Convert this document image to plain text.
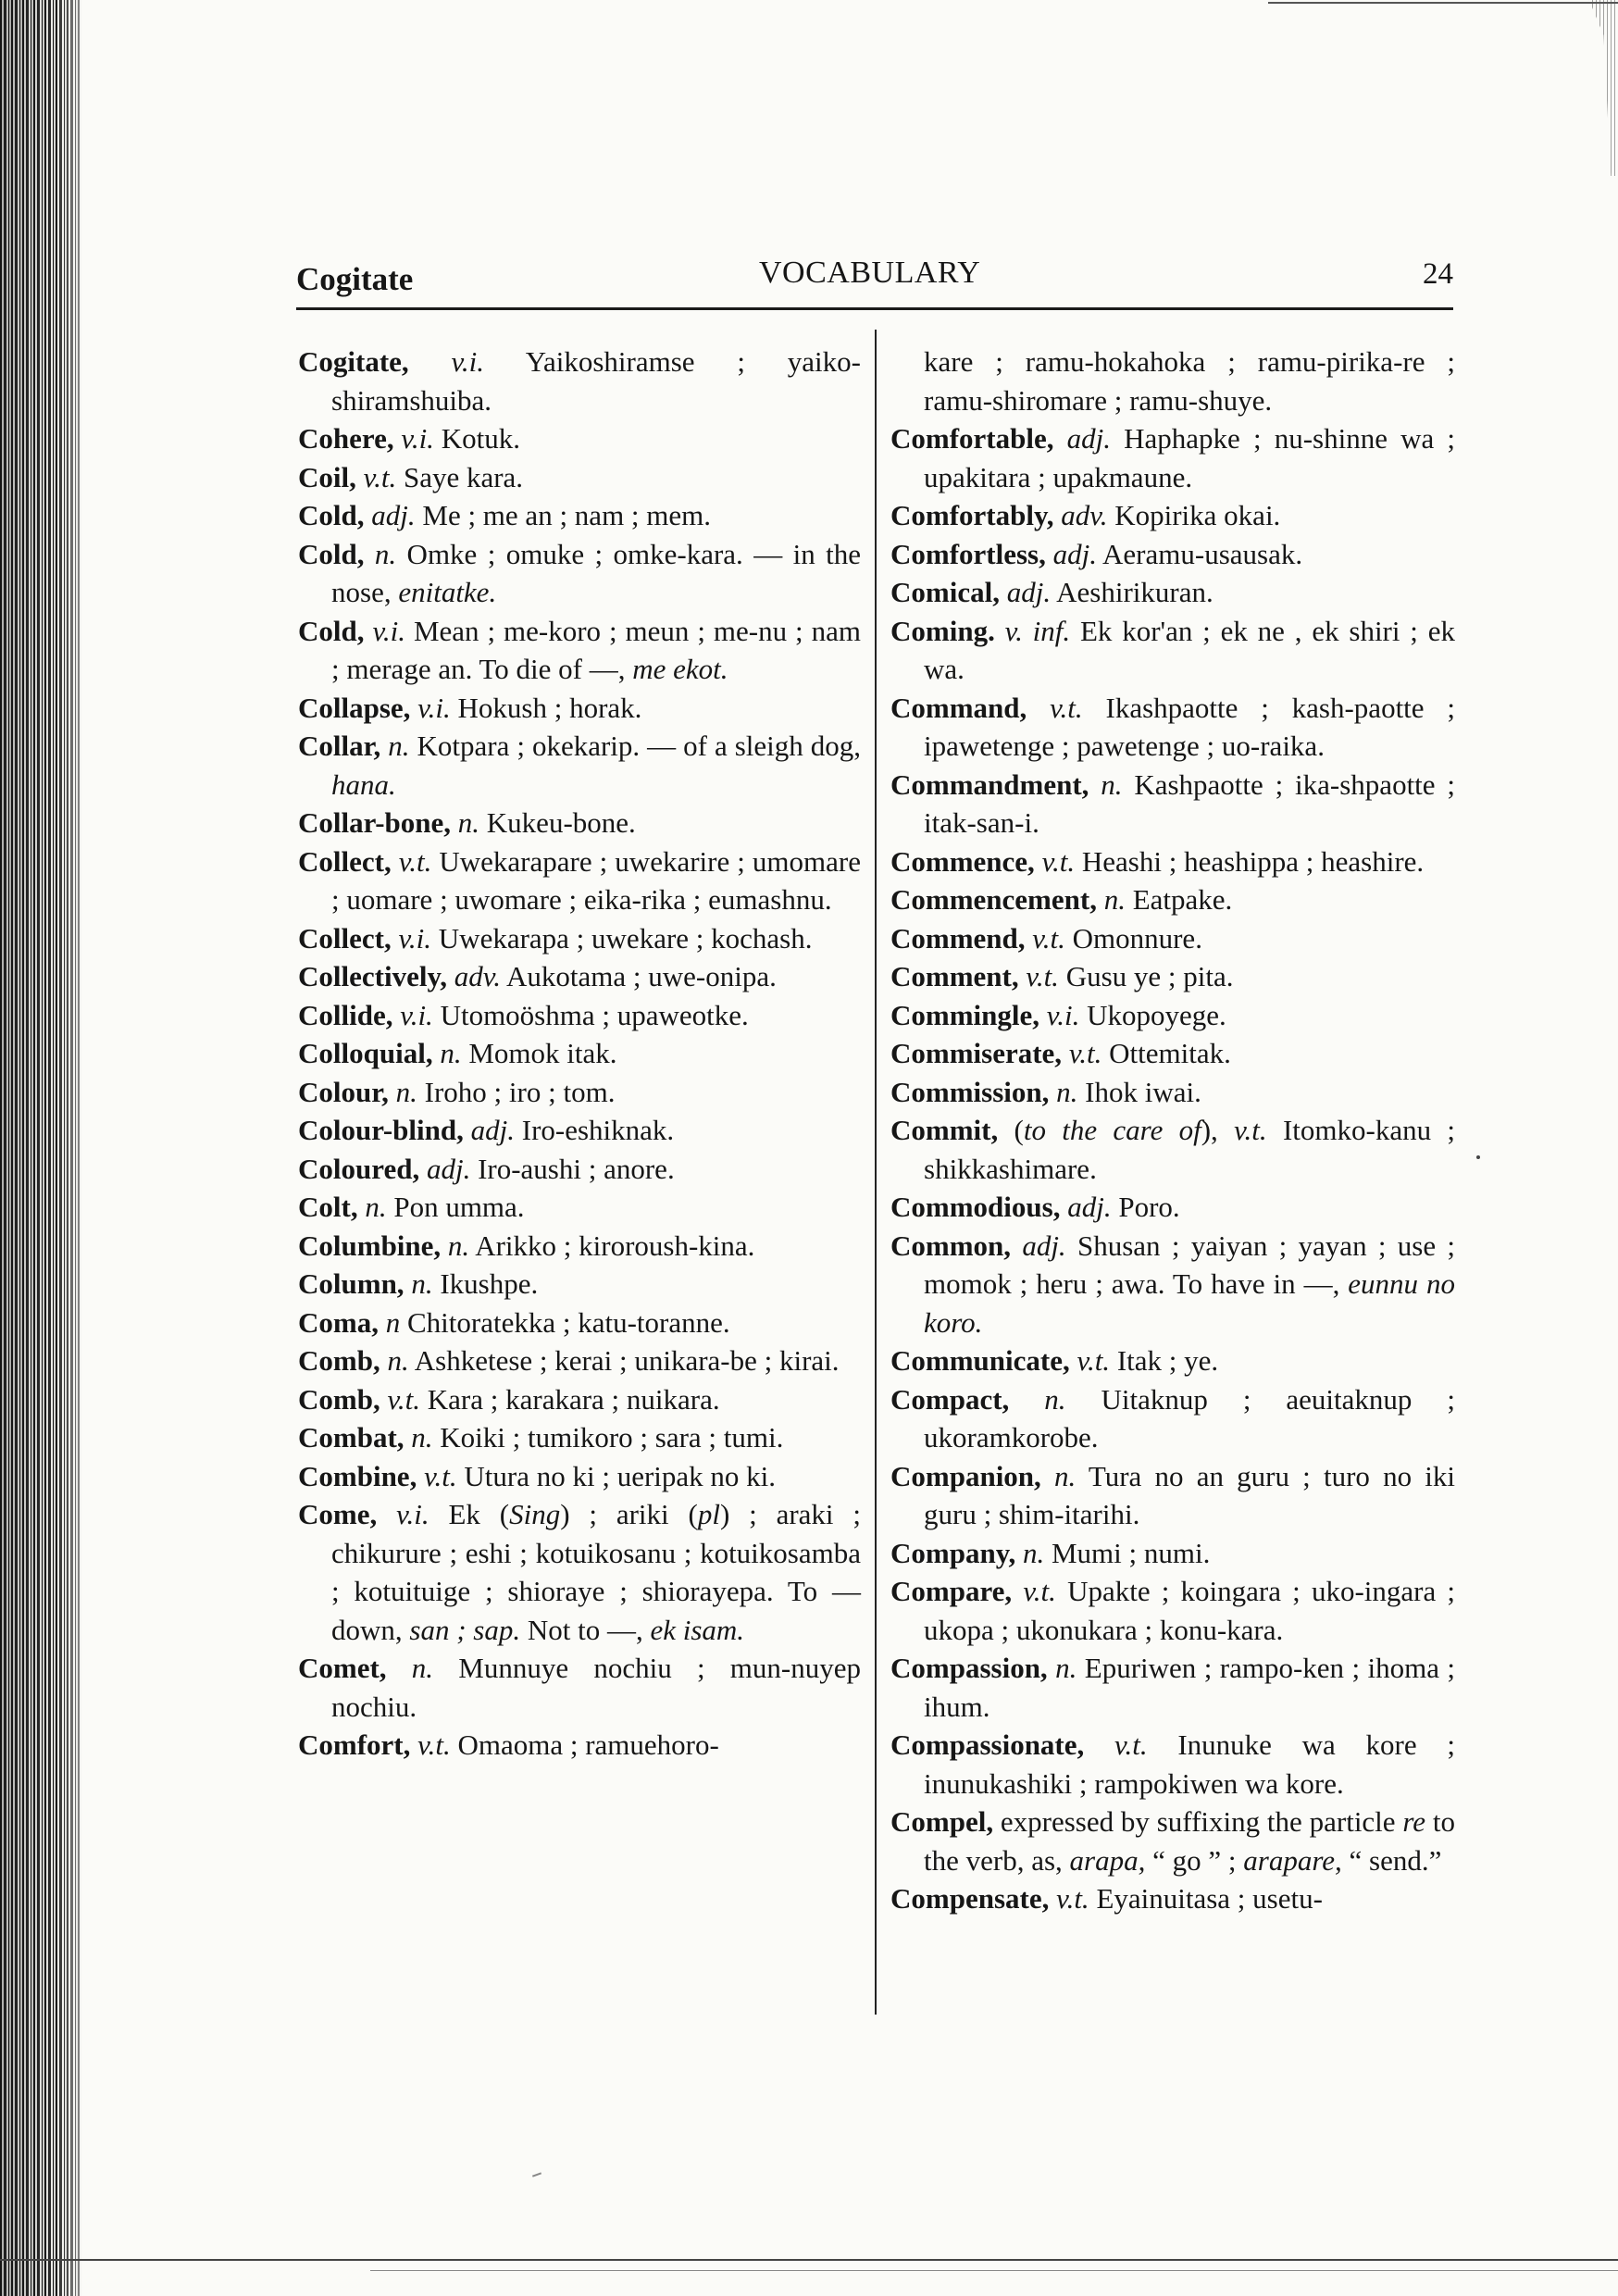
Cogitate	VOCABULARY	24
Cogitate, v.i. Yaikoshiramse ; yaiko-shiramshuiba.
Cohere, v.i. Kotuk.
Coil, v.t. Saye kara.
Cold, adj. Me ; me an ; nam ; mem.
Cold, n. Omke ; omuke ; omke-kara. — in the nose, enitatke.
Cold, v.i. Mean ; me-koro ; meun ; me-nu ; nam ; merage an. To die of —, me ekot.
Collapse, v.i. Hokush ; horak.
Collar, n. Kotpara ; okekarip. — of a sleigh dog, hana.
Collar-bone, n. Kukeu-bone.
Collect, v.t. Uwekarapare ; uwekarire ; umomare ; uomare ; uwomare ; eika-rika ; eumashnu.
Collect, v.i. Uwekarapa ; uwekare ; kochash.
Collectively, adv. Aukotama ; uwe-onipa.
Collide, v.i. Utomoöshma ; upaweotke.
Colloquial, n. Momok itak.
Colour, n. Iroho ; iro ; tom.
Colour-blind, adj. Iro-eshiknak.
Coloured, adj. Iro-aushi ; anore.
Colt, n. Pon umma.
Columbine, n. Arikko ; kiroroush-kina.
Column, n. Ikushpe.
Coma, n Chitoratekka ; katu-toranne.
Comb, n. Ashketese ; kerai ; unikara-be ; kirai.
Comb, v.t. Kara ; karakara ; nuikara.
Combat, n. Koiki ; tumikoro ; sara ; tumi.
Combine, v.t. Utura no ki ; ueripak no ki.
Come, v.i. Ek (Sing) ; ariki (pl) ; araki ; chikurure ; eshi ; kotuikosanu ; kotuikosamba ; kotuituige ; shioraye ; shiorayepa. To — down, san ; sap. Not to —, ek isam.
Comet, n. Munnuye nochiu ; mun-nuyep nochiu.
Comfort, v.t. Omaoma ; ramuehoro-
kare ; ramu-hokahoka ; ramu-pirika-re ; ramu-shiromare ; ramu-shuye.
Comfortable, adj. Haphapke ; nu-shinne wa ; upakitara ; upakmaune.
Comfortably, adv. Kopirika okai.
Comfortless, adj. Aeramu-usausak.
Comical, adj. Aeshirikuran.
Coming. v. inf. Ek kor'an ; ek ne , ek shiri ; ek wa.
Command, v.t. Ikashpaotte ; kash-paotte ; ipawetenge ; pawetenge ; uo-raika.
Commandment, n. Kashpaotte ; ika-shpaotte ; itak-san-i.
Commence, v.t. Heashi ; heashippa ; heashire.
Commencement, n. Eatpake.
Commend, v.t. Omonnure.
Comment, v.t. Gusu ye ; pita.
Commingle, v.i. Ukopoyege.
Commiserate, v.t. Ottemitak.
Commission, n. Ihok iwai.
Commit, (to the care of), v.t. Itomko-kanu ; shikkashimare.
Commodious, adj. Poro.
Common, adj. Shusan ; yaiyan ; yayan ; use ; momok ; heru ; awa. To have in —, eunnu no koro.
Communicate, v.t. Itak ; ye.
Compact, n. Uitaknup ; aeuitaknup ; ukoramkorobe.
Companion, n. Tura no an guru ; turo no iki guru ; shim-itarihi.
Company, n. Mumi ; numi.
Compare, v.t. Upakte ; koingara ; uko-ingara ; ukopa ; ukonukara ; konu-kara.
Compassion, n. Epuriwen ; rampo-ken ; ihoma ; ihum.
Compassionate, v.t. Inunuke wa kore ; inunukashiki ; rampokiwen wa kore.
Compel, expressed by suffixing the particle re to the verb, as, arapa, “ go ” ; arapare, “ send.”
Compensate, v.t. Eyainuitasa ; usetu-
